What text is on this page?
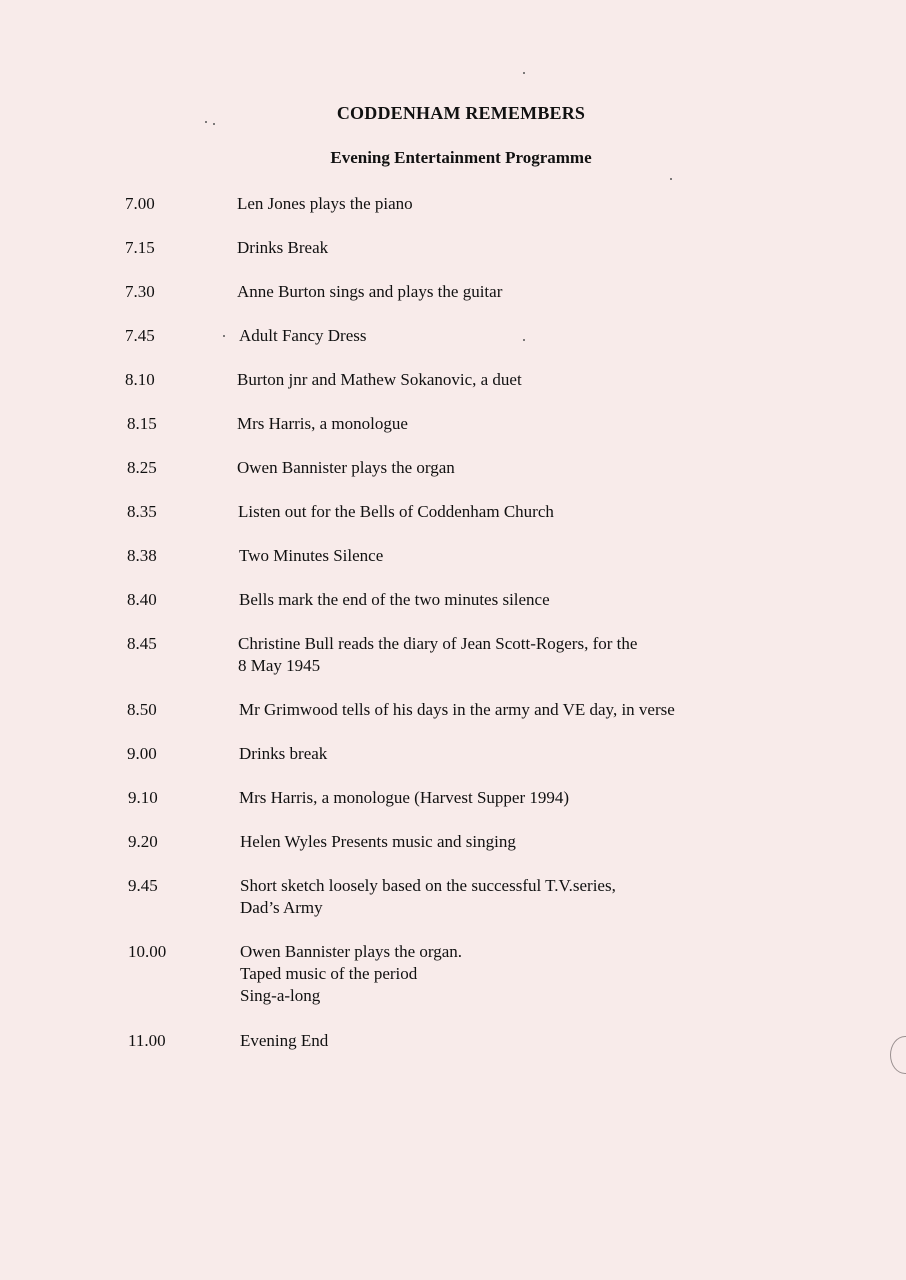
CODDENHAM REMEMBERS
Evening Entertainment Programme
7.00	Len Jones plays the piano
7.15	Drinks Break
7.30	Anne Burton sings and plays the guitar
7.45	Adult Fancy Dress
8.10	Burton jnr and Mathew Sokanovic, a duet
8.15	Mrs Harris, a monologue
8.25	Owen Bannister plays the organ
8.35	Listen out for the Bells of Coddenham Church
8.38	Two Minutes Silence
8.40	Bells mark the end of the two minutes silence
8.45	Christine Bull reads the diary of Jean Scott-Rogers, for the
8 May 1945
8.50	Mr Grimwood tells of his days in the army and VE day, in verse
9.00	Drinks break
9.10	Mrs Harris, a monologue (Harvest Supper 1994)
9.20	Helen Wyles Presents music and singing
9.45	Short sketch loosely based on the successful T.V.series,
Dad’s Army
10.00	Owen Bannister plays the organ.
Taped music of the period
Sing-a-long
11.00	Evening End
